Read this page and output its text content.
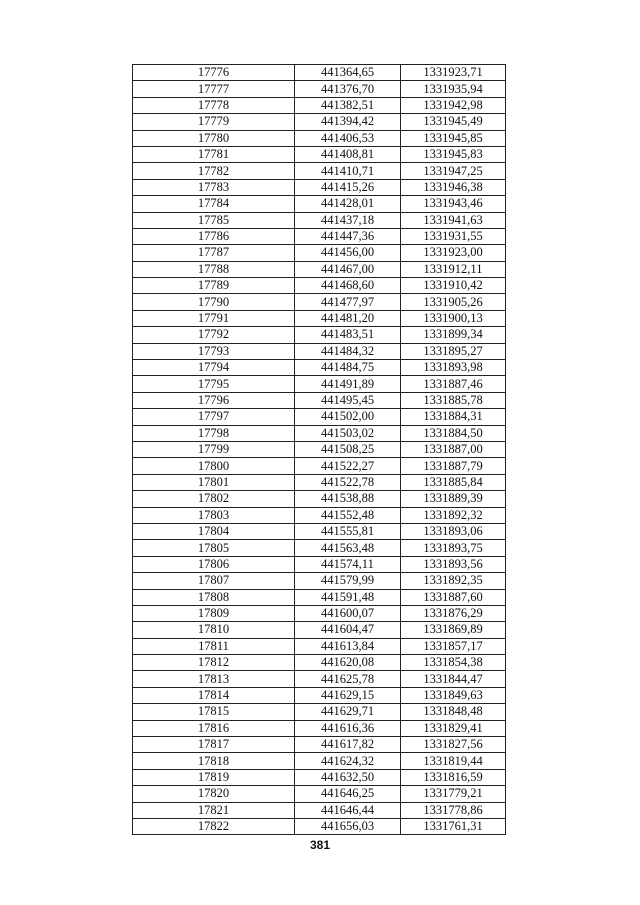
17776	441364,65	1331923,71
17777	441376,70	1331935,94
17778	441382,51	1331942,98
17779	441394,42	1331945,49
17780	441406,53	1331945,85
17781	441408,81	1331945,83
17782	441410,71	1331947,25
17783	441415,26	1331946,38
17784	441428,01	1331943,46
17785	441437,18	1331941,63
17786	441447,36	1331931,55
17787	441456,00	1331923,00
17788	441467,00	1331912,11
17789	441468,60	1331910,42
17790	441477,97	1331905,26
17791	441481,20	1331900,13
17792	441483,51	1331899,34
17793	441484,32	1331895,27
17794	441484,75	1331893,98
17795	441491,89	1331887,46
17796	441495,45	1331885,78
17797	441502,00	1331884,31
17798	441503,02	1331884,50
17799	441508,25	1331887,00
17800	441522,27	1331887,79
17801	441522,78	1331885,84
17802	441538,88	1331889,39
17803	441552,48	1331892,32
17804	441555,81	1331893,06
17805	441563,48	1331893,75
17806	441574,11	1331893,56
17807	441579,99	1331892,35
17808	441591,48	1331887,60
17809	441600,07	1331876,29
17810	441604,47	1331869,89
17811	441613,84	1331857,17
17812	441620,08	1331854,38
17813	441625,78	1331844,47
17814	441629,15	1331849,63
17815	441629,71	1331848,48
17816	441616,36	1331829,41
17817	441617,82	1331827,56
17818	441624,32	1331819,44
17819	441632,50	1331816,59
17820	441646,25	1331779,21
17821	441646,44	1331778,86
17822	441656,03	1331761,31
381
